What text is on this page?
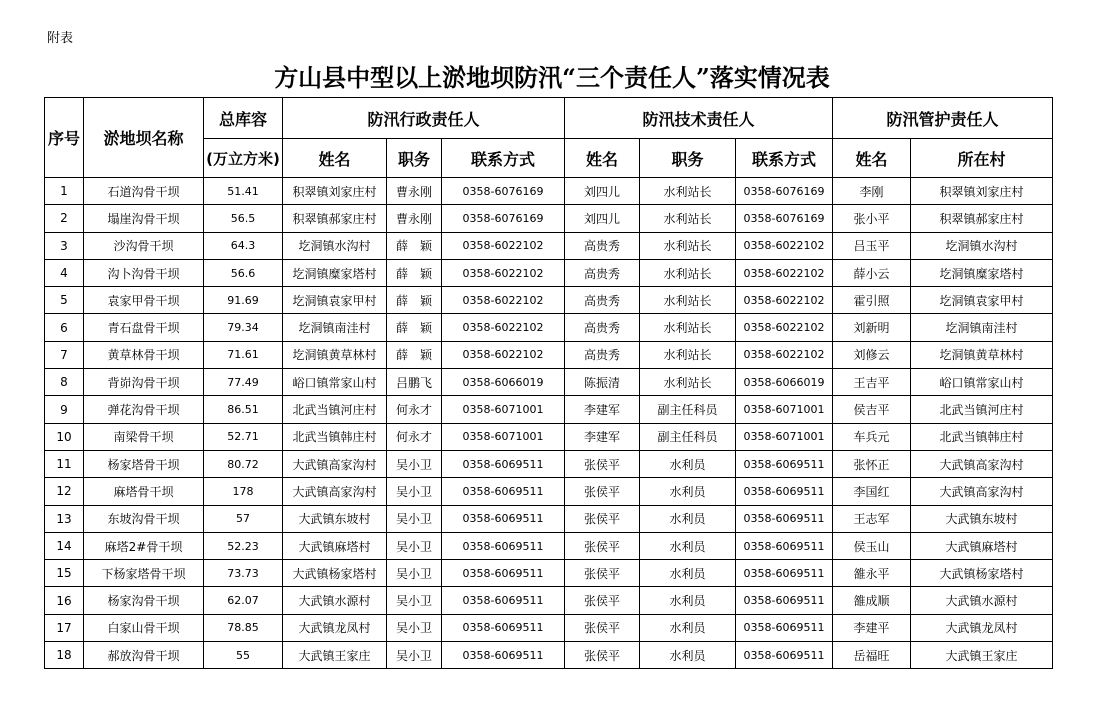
附表
方山县中型以上淤地坝防汛“三个责任人”落实情况表
序号	淤地坝名称	总库容	防汛行政责任人			防汛技术责任人			防汛管护责任人	
		(万立方米)	姓名	职务	联系方式	姓名	职务	联系方式	姓名	所在村
1	石道沟骨干坝	51.41	积翠镇刘家庄村	曹永刚	0358-6076169	刘四儿	水利站长	0358-6076169	李刚	积翠镇刘家庄村
2	塌崖沟骨干坝	56.5	积翠镇郝家庄村	曹永刚	0358-6076169	刘四儿	水利站长	0358-6076169	张小平	积翠镇郝家庄村
3	沙沟骨干坝	64.3	圪洞镇水沟村	薛　颖	0358-6022102	高贵秀	水利站长	0358-6022102	吕玉平	圪洞镇水沟村
4	沟卜沟骨干坝	56.6	圪洞镇糜家塔村	薛　颖	0358-6022102	高贵秀	水利站长	0358-6022102	薛小云	圪洞镇糜家塔村
5	袁家甲骨干坝	91.69	圪洞镇袁家甲村	薛　颖	0358-6022102	高贵秀	水利站长	0358-6022102	霍引照	圪洞镇袁家甲村
6	青石盘骨干坝	79.34	圪洞镇南洼村	薛　颖	0358-6022102	高贵秀	水利站长	0358-6022102	刘新明	圪洞镇南洼村
7	黄草林骨干坝	71.61	圪洞镇黄草林村	薛　颖	0358-6022102	高贵秀	水利站长	0358-6022102	刘修云	圪洞镇黄草林村
8	背峁沟骨干坝	77.49	峪口镇常家山村	吕鹏飞	0358-6066019	陈振清	水利站长	0358-6066019	王吉平	峪口镇常家山村
9	弹花沟骨干坝	86.51	北武当镇河庄村	何永才	0358-6071001	李建军	副主任科员	0358-6071001	侯吉平	北武当镇河庄村
10	南梁骨干坝	52.71	北武当镇韩庄村	何永才	0358-6071001	李建军	副主任科员	0358-6071001	车兵元	北武当镇韩庄村
11	杨家塔骨干坝	80.72	大武镇高家沟村	吴小卫	0358-6069511	张侯平	水利员	0358-6069511	张怀正	大武镇高家沟村
12	麻塔骨干坝	178	大武镇高家沟村	吴小卫	0358-6069511	张侯平	水利员	0358-6069511	李国红	大武镇高家沟村
13	东坡沟骨干坝	57	大武镇东坡村	吴小卫	0358-6069511	张侯平	水利员	0358-6069511	王志军	大武镇东坡村
14	麻塔2#骨干坝	52.23	大武镇麻塔村	吴小卫	0358-6069511	张侯平	水利员	0358-6069511	侯玉山	大武镇麻塔村
15	下杨家塔骨干坝	73.73	大武镇杨家塔村	吴小卫	0358-6069511	张侯平	水利员	0358-6069511	雒永平	大武镇杨家塔村
16	杨家沟骨干坝	62.07	大武镇水源村	吴小卫	0358-6069511	张侯平	水利员	0358-6069511	雒成顺	大武镇水源村
17	白家山骨干坝	78.85	大武镇龙凤村	吴小卫	0358-6069511	张侯平	水利员	0358-6069511	李建平	大武镇龙凤村
18	郝放沟骨干坝	55	大武镇王家庄	吴小卫	0358-6069511	张侯平	水利员	0358-6069511	岳福旺	大武镇王家庄
